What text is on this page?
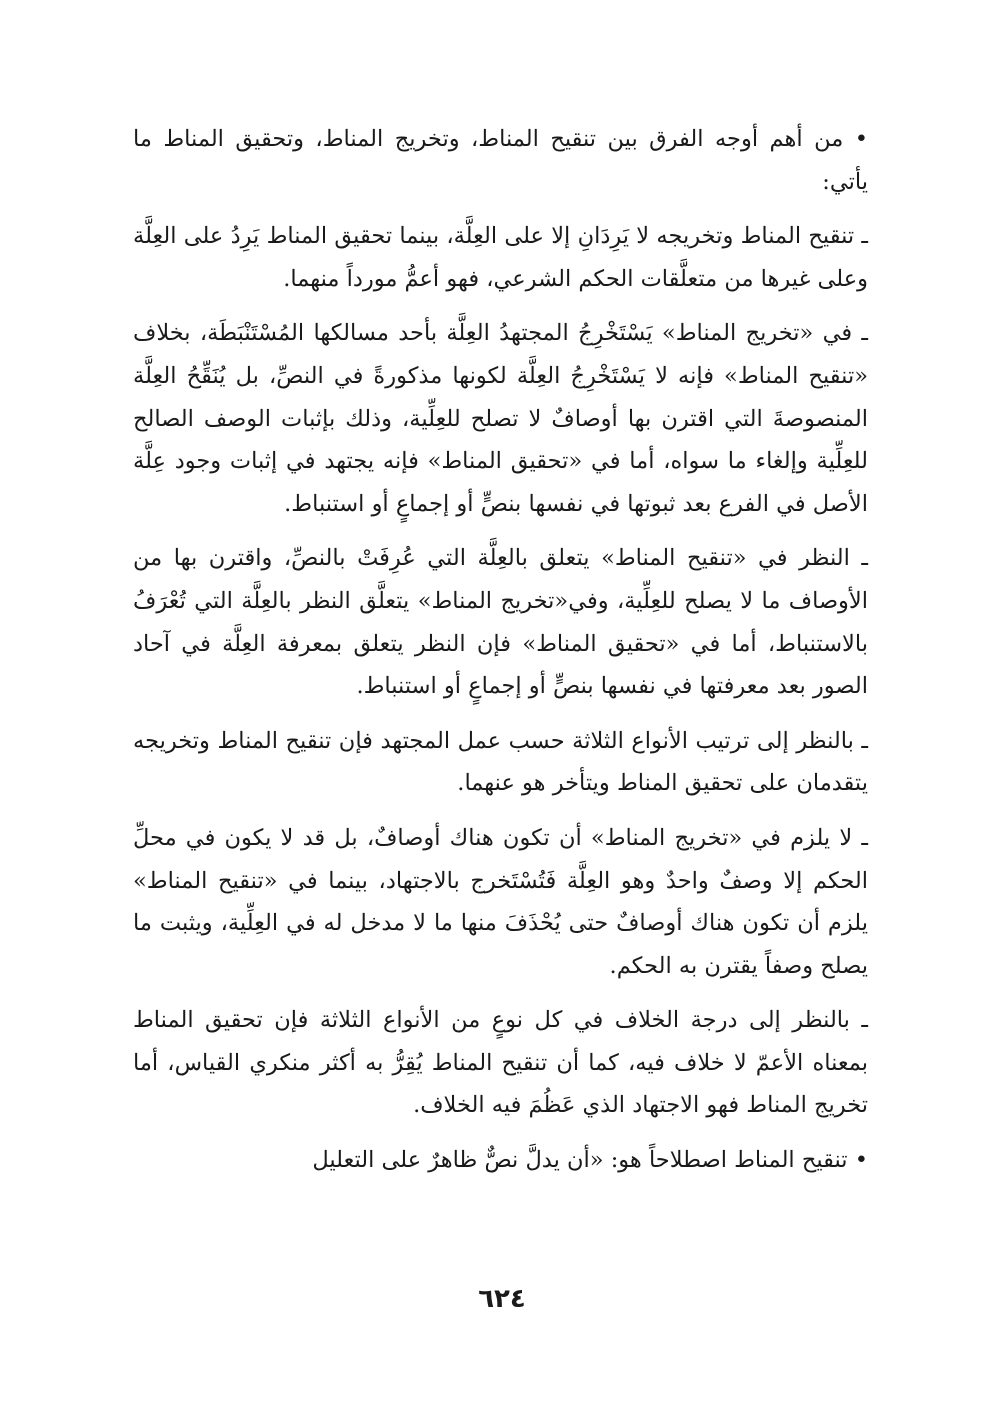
• من أهم أوجه الفرق بين تنقيح المناط، وتخريج المناط، وتحقيق المناط ما يأتي:

ـ تنقيح المناط وتخريجه لا يَرِدَانِ إلا على العِلَّة، بينما تحقيق المناط يَرِدُ على العِلَّة وعلى غيرها من متعلَّقات الحكم الشرعي، فهو أعمُّ مورداً منهما.

ـ في «تخريج المناط» يَسْتَخْرِجُ المجتهدُ العِلَّة بأحد مسالكها المُسْتَنْبَطَة، بخلاف «تنقيح المناط» فإنه لا يَسْتَخْرِجُ العِلَّة لكونها مذكورةً في النصِّ، بل يُنَقِّحُ العِلَّة المنصوصةَ التي اقترن بها أوصافٌ لا تصلح للعِلِّية، وذلك بإثبات الوصف الصالح للعِلِّية وإلغاء ما سواه، أما في «تحقيق المناط» فإنه يجتهد في إثبات وجود عِلَّة الأصل في الفرع بعد ثبوتها في نفسها بنصٍّ أو إجماعٍ أو استنباط.

ـ النظر في «تنقيح المناط» يتعلق بالعِلَّة التي عُرِفَتْ بالنصِّ، واقترن بها من الأوصاف ما لا يصلح للعِلِّية، وفي«تخريج المناط» يتعلَّق النظر بالعِلَّة التي تُعْرَفُ بالاستنباط، أما في «تحقيق المناط» فإن النظر يتعلق بمعرفة العِلَّة في آحاد الصور بعد معرفتها في نفسها بنصٍّ أو إجماعٍ أو استنباط.

ـ بالنظر إلى ترتيب الأنواع الثلاثة حسب عمل المجتهد فإن تنقيح المناط وتخريجه يتقدمان على تحقيق المناط ويتأخر هو عنهما.

ـ لا يلزم في «تخريج المناط» أن تكون هناك أوصافٌ، بل قد لا يكون في محلِّ الحكم إلا وصفٌ واحدٌ وهو العِلَّة فَتُسْتَخرج بالاجتهاد، بينما في «تنقيح المناط» يلزم أن تكون هناك أوصافٌ حتى يُحْذَفَ منها ما لا مدخل له في العِلِّية، ويثبت ما يصلح وصفاً يقترن به الحكم.

ـ بالنظر إلى درجة الخلاف في كل نوعٍ من الأنواع الثلاثة فإن تحقيق المناط بمعناه الأعمّ لا خلاف فيه، كما أن تنقيح المناط يُقِرُّ به أكثر منكري القياس، أما تخريج المناط فهو الاجتهاد الذي عَظُمَ فيه الخلاف.

• تنقيح المناط اصطلاحاً هو: «أن يدلَّ نصٌّ ظاهرٌ على التعليل

٦٢٤
